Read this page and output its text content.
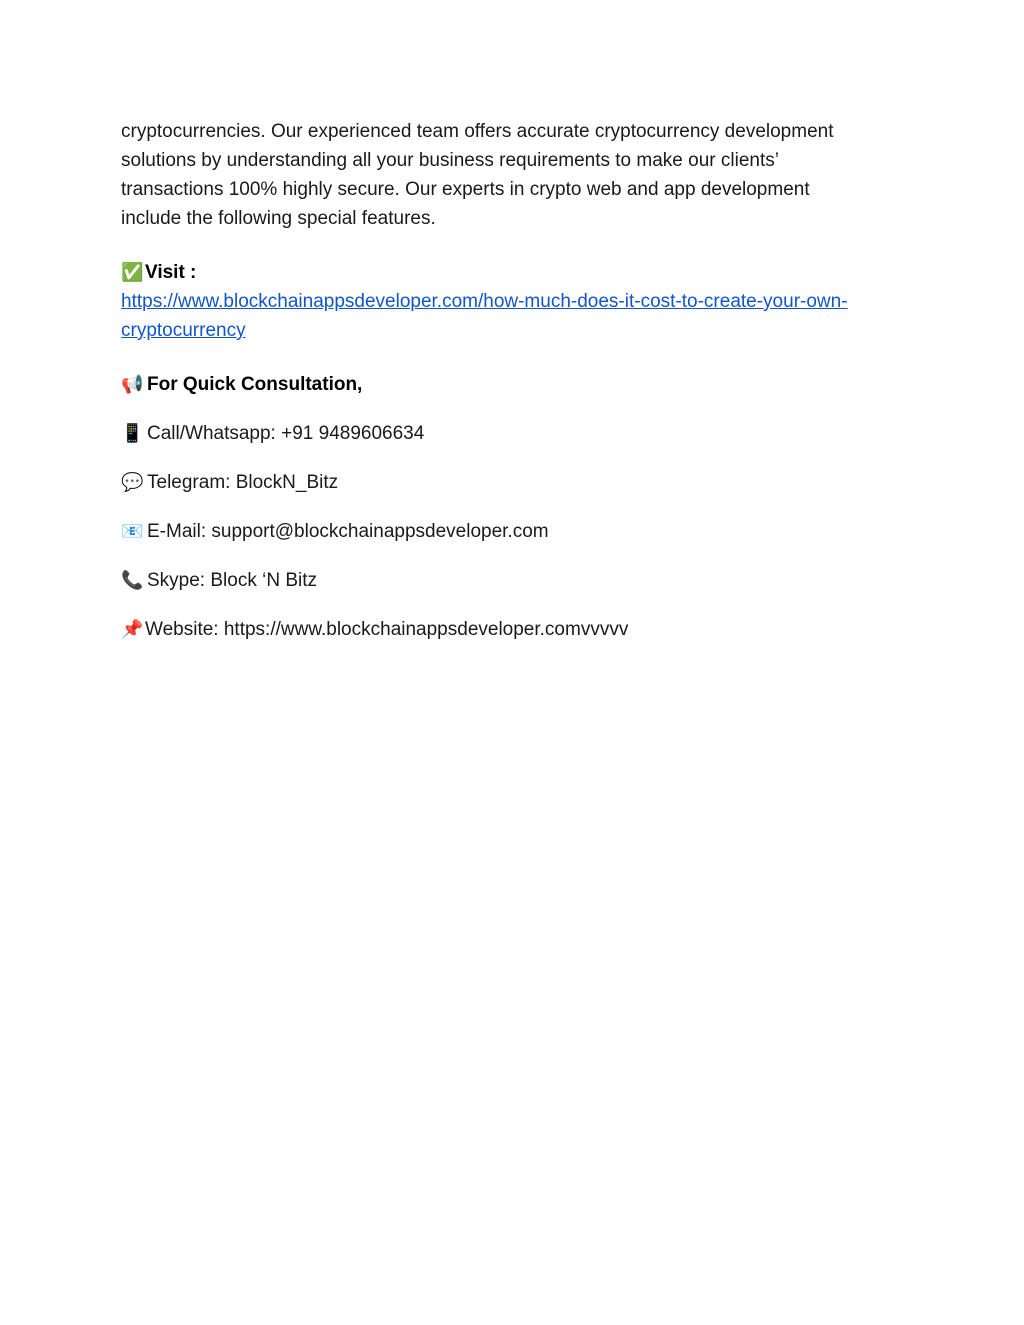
cryptocurrencies. Our experienced team offers accurate cryptocurrency development
solutions by understanding all your business requirements to make our clients’
transactions 100% highly secure. Our experts in crypto web and app development
include the following special features.

✅Visit :
https://www.blockchainappsdeveloper.com/how-much-does-it-cost-to-create-your-own-
cryptocurrency
📢 For Quick Consultation,
📱 Call/Whatsapp: +91 9489606634
💬 Telegram: BlockN_Bitz
📧 E-Mail: support@blockchainappsdeveloper.com
📞 Skype: Block ‘N Bitz
📌Website: https://www.blockchainappsdeveloper.comvvvvv
